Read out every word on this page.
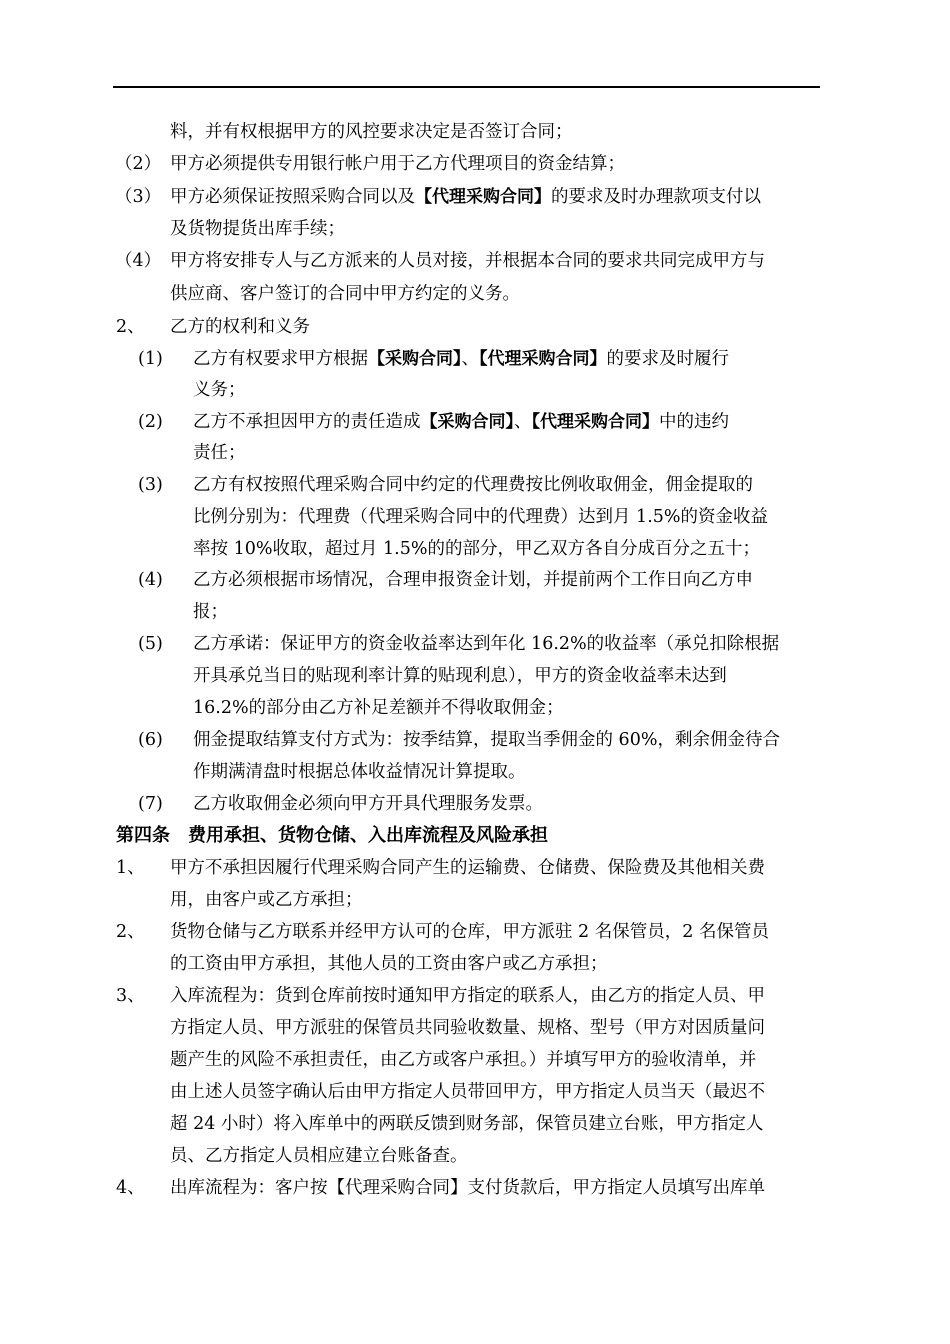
料，并有权根据甲方的风控要求决定是否签订合同；
（2） 甲方必须提供专用银行帐户用于乙方代理项目的资金结算；
（3） 甲方必须保证按照采购合同以及【代理采购合同】的要求及时办理款项支付以
及货物提货出库手续；
（4） 甲方将安排专人与乙方派来的人员对接，并根据本合同的要求共同完成甲方与
供应商、客户签订的合同中甲方约定的义务。
2、 乙方的权利和义务
(1) 乙方有权要求甲方根据【采购合同】、【代理采购合同】的要求及时履行
义务；
(2) 乙方不承担因甲方的责任造成【采购合同】、【代理采购合同】中的违约
责任；
(3) 乙方有权按照代理采购合同中约定的代理费按比例收取佣金，佣金提取的
比例分别为：代理费（代理采购合同中的代理费）达到月 1.5%的资金收益
率按 10%收取，超过月 1.5%的的部分，甲乙双方各自分成百分之五十；
(4) 乙方必须根据市场情况，合理申报资金计划，并提前两个工作日向乙方申
报；
(5) 乙方承诺：保证甲方的资金收益率达到年化 16.2%的收益率（承兑扣除根据
开具承兑当日的贴现利率计算的贴现利息），甲方的资金收益率未达到
16.2%的部分由乙方补足差额并不得收取佣金；
(6) 佣金提取结算支付方式为：按季结算，提取当季佣金的 60%，剩余佣金待合
作期满清盘时根据总体收益情况计算提取。
(7) 乙方收取佣金必须向甲方开具代理服务发票。
第四条　费用承担、货物仓储、入出库流程及风险承担
1、 甲方不承担因履行代理采购合同产生的运输费、仓储费、保险费及其他相关费
用，由客户或乙方承担；
2、 货物仓储与乙方联系并经甲方认可的仓库，甲方派驻 2 名保管员，2 名保管员
的工资由甲方承担，其他人员的工资由客户或乙方承担；
3、 入库流程为：货到仓库前按时通知甲方指定的联系人，由乙方的指定人员、甲
方指定人员、甲方派驻的保管员共同验收数量、规格、型号（甲方对因质量问
题产生的风险不承担责任，由乙方或客户承担。）并填写甲方的验收清单，并
由上述人员签字确认后由甲方指定人员带回甲方，甲方指定人员当天（最迟不
超 24 小时）将入库单中的两联反馈到财务部，保管员建立台账，甲方指定人
员、乙方指定人员相应建立台账备查。
4、 出库流程为：客户按【代理采购合同】支付货款后，甲方指定人员填写出库单
